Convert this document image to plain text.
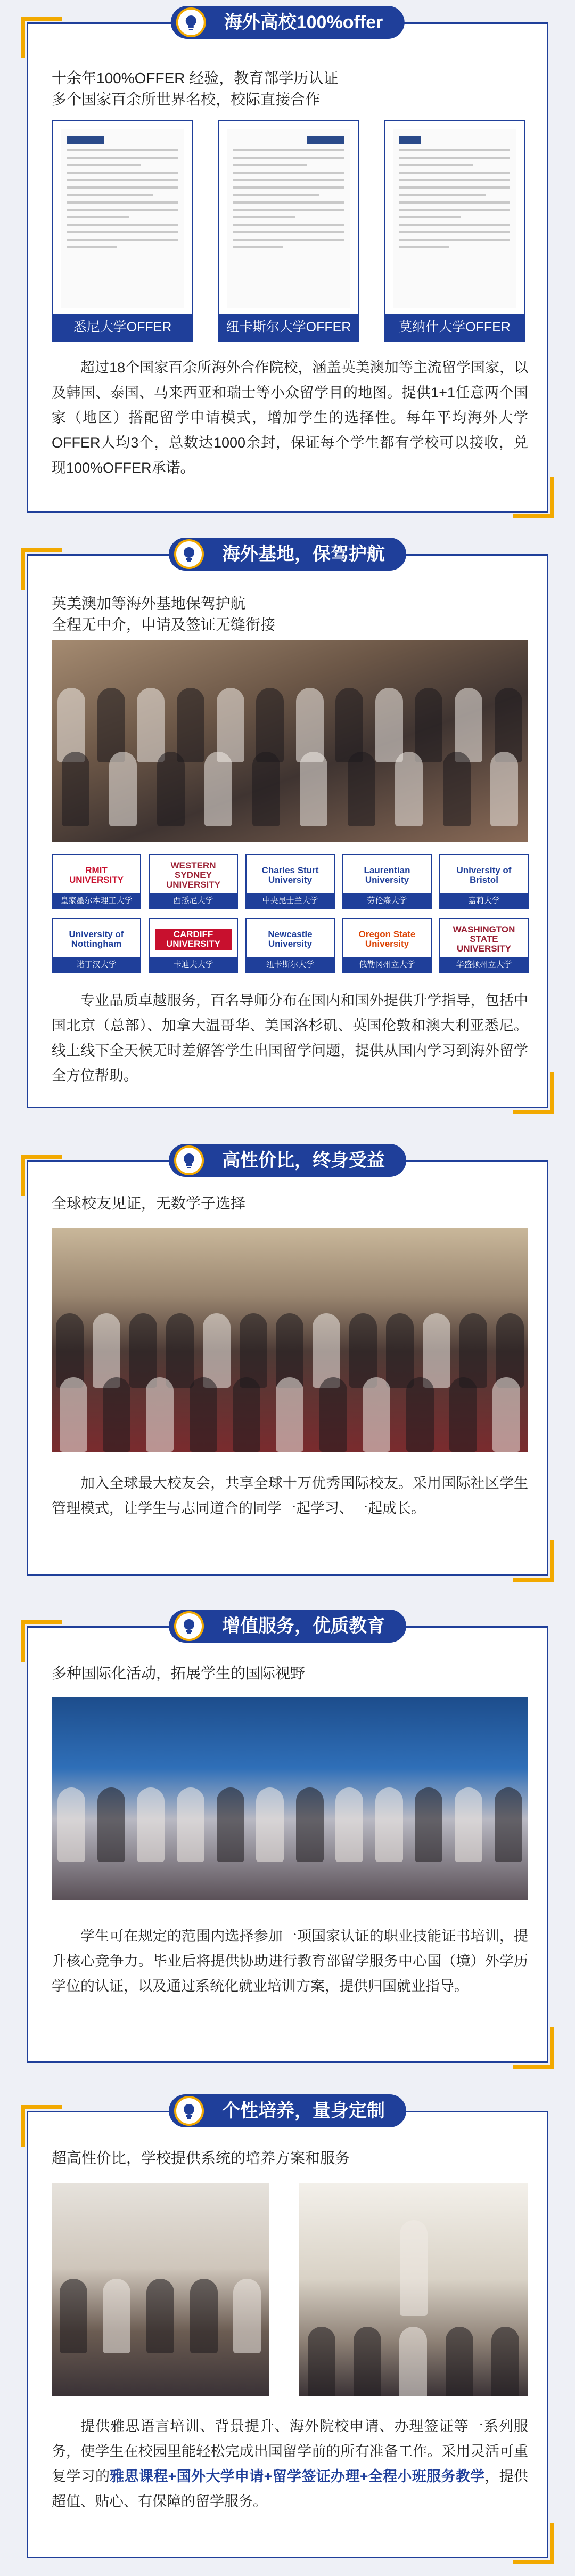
海外高校100%offer
十余年100%OFFER 经验，教育部学历认证
多个国家百余所世界名校，校际直接合作
悉尼大学OFFER	纽卡斯尔大学OFFER	莫纳什大学OFFER
超过18个国家百余所海外合作院校，涵盖英美澳加等主流留学国家，以及韩国、泰国、马来西亚和瑞士等小众留学目的地图。提供1+1任意两个国家（地区）搭配留学申请模式，增加学生的选择性。每年平均海外大学OFFER人均3个，总数达1000余封，保证每个学生都有学校可以接收，兑现100%OFFER承诺。
海外基地，保驾护航
英美澳加等海外基地保驾护航
全程无中介，申请及签证无缝衔接
RMIT UNIVERSITY
皇家墨尔本理工大学
WESTERN SYDNEY UNIVERSITY
西悉尼大学
Charles Sturt University
中央昆士兰大学
Laurentian University
劳伦森大学
University of Bristol
嘉莉大学
University of Nottingham
诺丁汉大学
CARDIFF UNIVERSITY
卡迪夫大学
Newcastle University
纽卡斯尔大学
Oregon State University
俄勒冈州立大学
WASHINGTON STATE UNIVERSITY
华盛顿州立大学
专业品质卓越服务，百名导师分布在国内和国外提供升学指导，包括中国北京（总部）、加拿大温哥华、美国洛杉矶、英国伦敦和澳大利亚悉尼。线上线下全天候无时差解答学生出国留学问题，提供从国内学习到海外留学全方位帮助。
高性价比，终身受益
全球校友见证，无数学子选择
加入全球最大校友会，共享全球十万优秀国际校友。采用国际社区学生管理模式，让学生与志同道合的同学一起学习、一起成长。
增值服务，优质教育
多种国际化活动，拓展学生的国际视野
学生可在规定的范围内选择参加一项国家认证的职业技能证书培训，提升核心竞争力。毕业后将提供协助进行教育部留学服务中心国（境）外学历学位的认证，以及通过系统化就业培训方案，提供归国就业指导。
个性培养，量身定制
超高性价比，学校提供系统的培养方案和服务
提供雅思语言培训、背景提升、海外院校申请、办理签证等一系列服务，使学生在校园里能轻松完成出国留学前的所有准备工作。采用灵活可重复学习的雅思课程+国外大学申请+留学签证办理+全程小班服务教学，提供超值、贴心、有保障的留学服务。
